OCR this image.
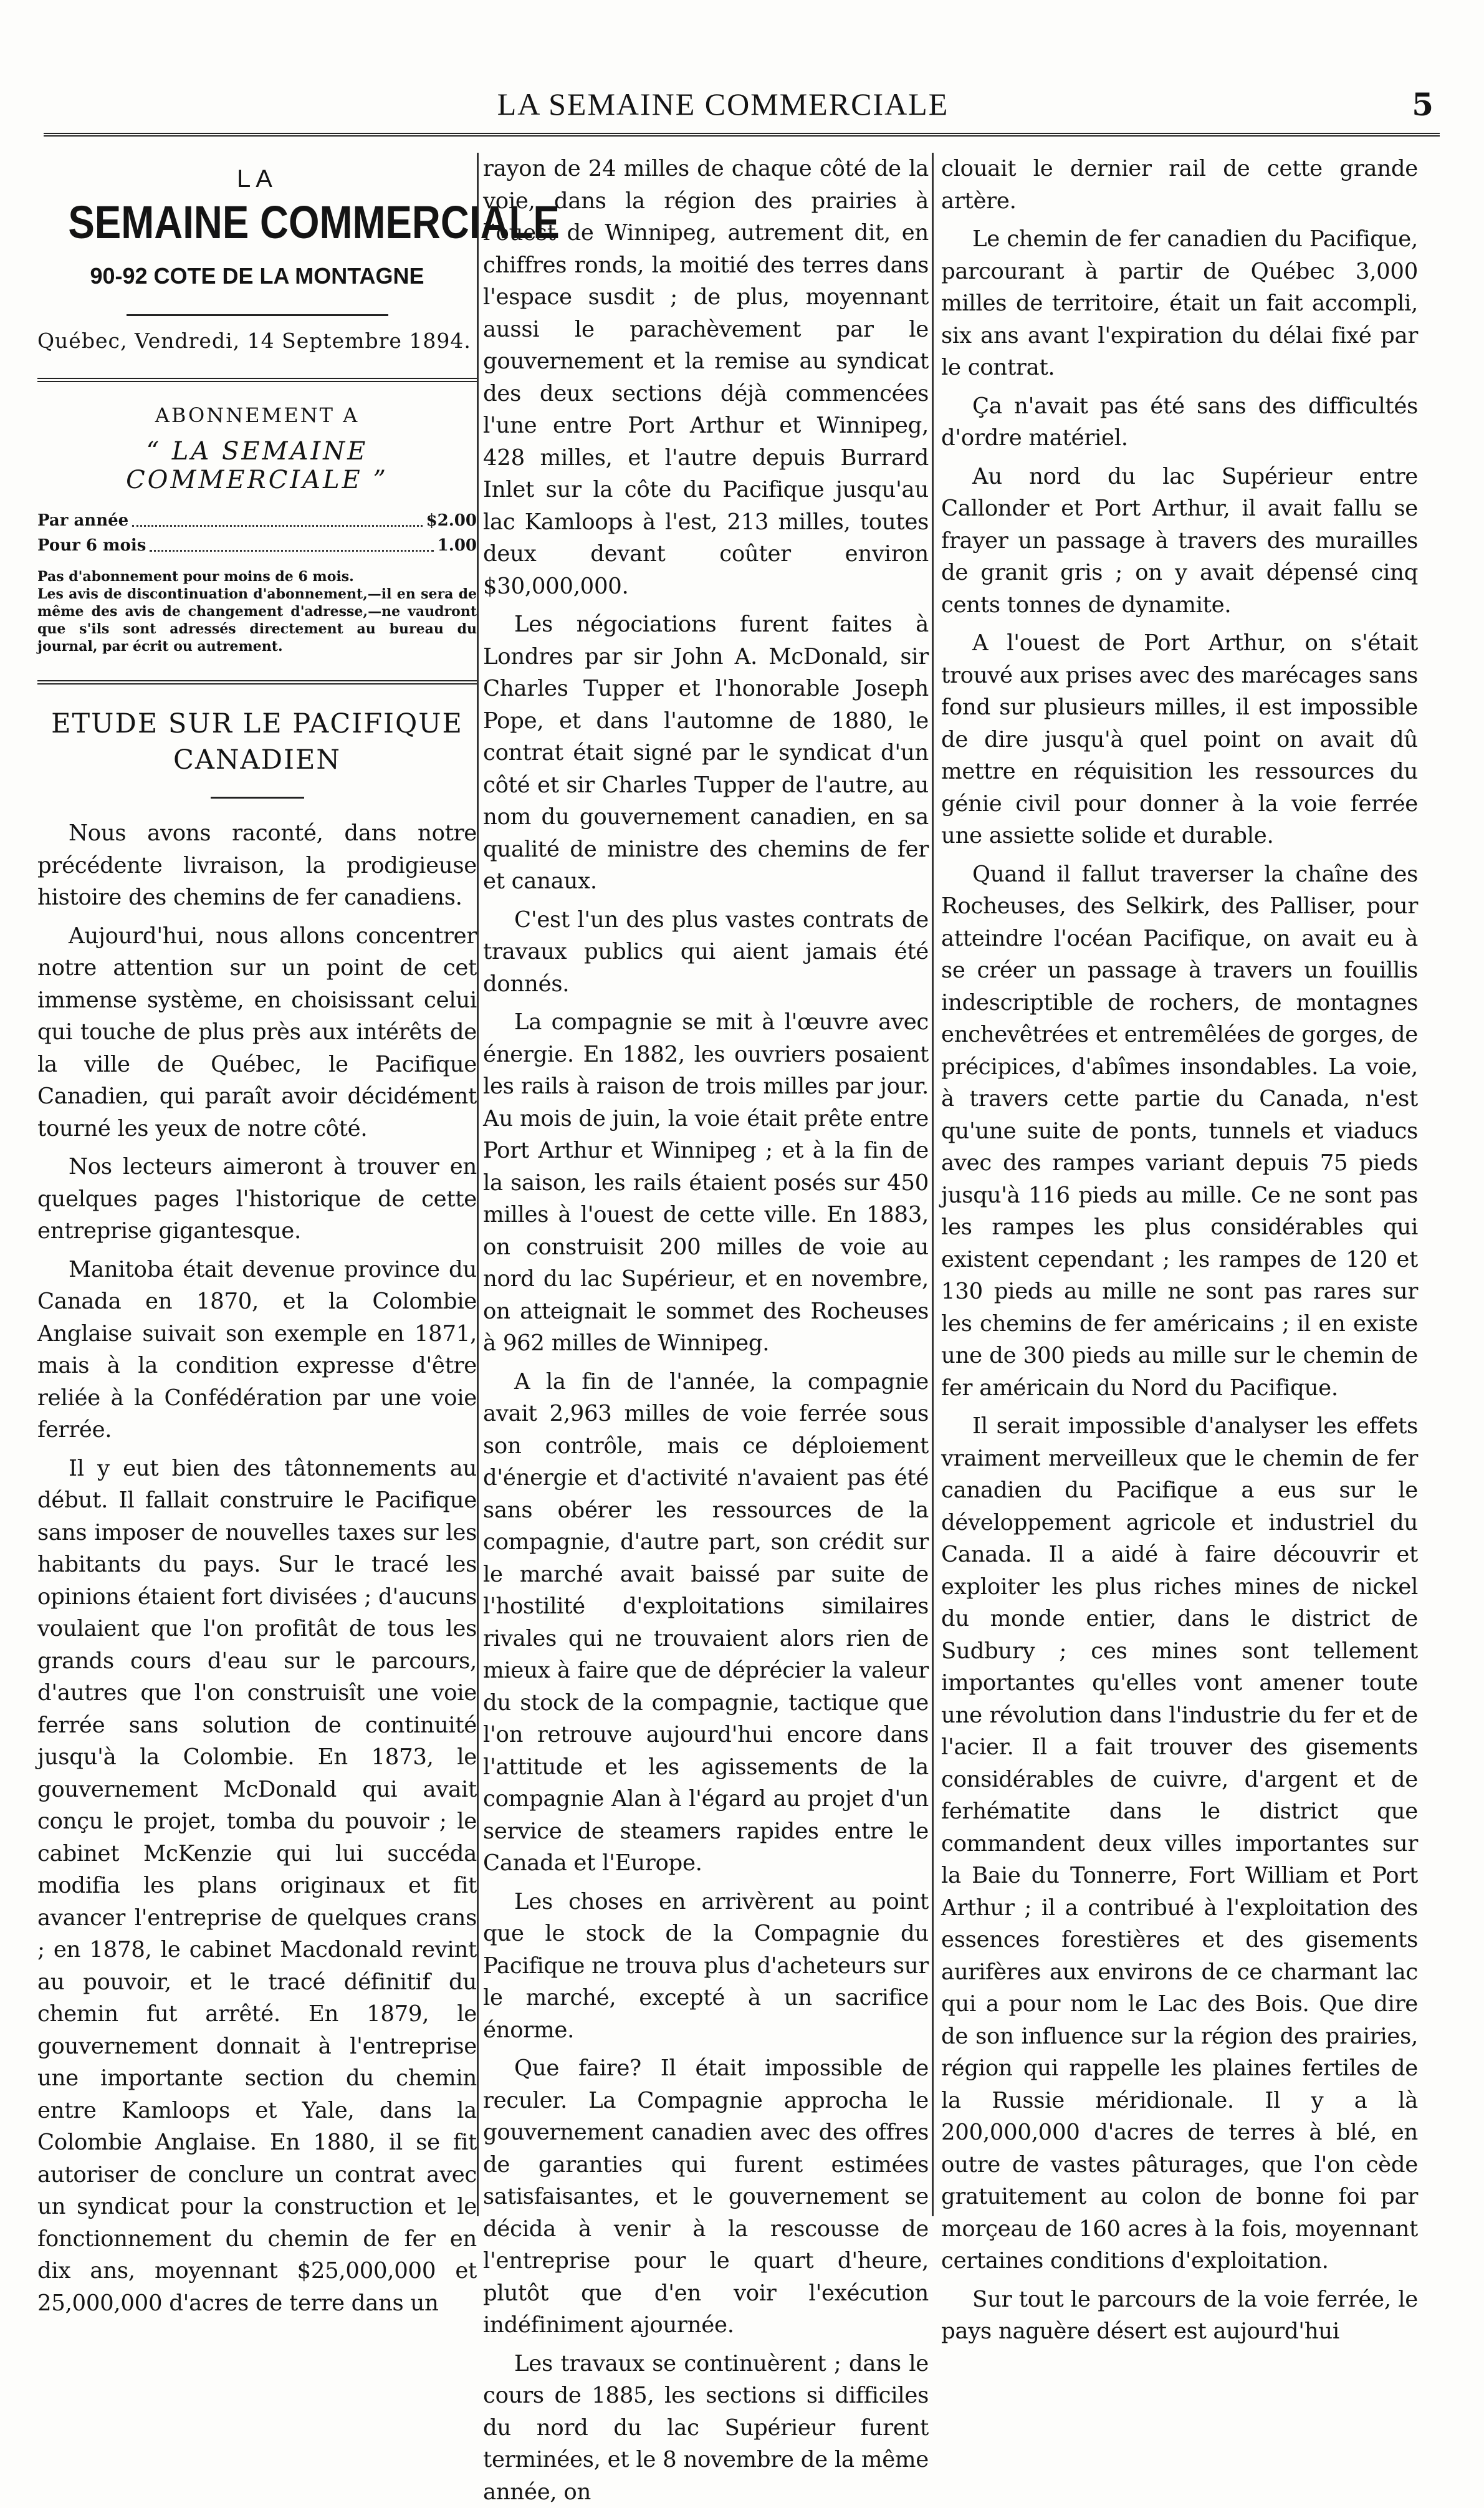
LA SEMAINE COMMERCIALE	5
LA
SEMAINE COMMERCIALE
90-92 COTE DE LA MONTAGNE
Québec, Vendredi, 14 Septembre 1894.
ABONNEMENT A
“ LA SEMAINE COMMERCIALE ”
Par année	$2.00
Pour 6 mois	1.00
Pas d'abonnement pour moins de 6 mois.
Les avis de discontinuation d'abonnement,—il en sera de même des avis de changement d'adresse,—ne vaudront que s'ils sont adressés directement au bureau du journal, par écrit ou autrement.
ETUDE SUR LE PACIFIQUE CANADIEN

Nous avons raconté, dans notre précédente livraison, la prodigieuse histoire des chemins de fer canadiens.

Aujourd'hui, nous allons concentrer notre attention sur un point de cet immense système, en choisissant celui qui touche de plus près aux intérêts de la ville de Québec, le Pacifique Canadien, qui paraît avoir décidément tourné les yeux de notre côté.

Nos lecteurs aimeront à trouver en quelques pages l'historique de cette entreprise gigantesque.

Manitoba était devenue province du Canada en 1870, et la Colombie Anglaise suivait son exemple en 1871, mais à la condition expresse d'être reliée à la Confédération par une voie ferrée.

Il y eut bien des tâtonnements au début. Il fallait construire le Pacifique sans imposer de nouvelles taxes sur les habitants du pays. Sur le tracé les opinions étaient fort divisées ; d'aucuns voulaient que l'on profitât de tous les grands cours d'eau sur le parcours, d'autres que l'on construisît une voie ferrée sans solution de continuité jusqu'à la Colombie. En 1873, le gouvernement McDonald qui avait conçu le projet, tomba du pouvoir ; le cabinet McKenzie qui lui succéda modifia les plans originaux et fit avancer l'entreprise de quelques crans ; en 1878, le cabinet Macdonald revint au pouvoir, et le tracé définitif du chemin fut arrêté. En 1879, le gouvernement donnait à l'entreprise une importante section du chemin entre Kamloops et Yale, dans la Colombie Anglaise. En 1880, il se fit autoriser de conclure un contrat avec un syndicat pour la construction et le fonctionnement du chemin de fer en dix ans, moyennant $25,000,000 et 25,000,000 d'acres de terre dans un

rayon de 24 milles de chaque côté de la voie, dans la région des prairies à l'ouest de Winnipeg, autrement dit, en chiffres ronds, la moitié des terres dans l'espace susdit ; de plus, moyennant aussi le parachèvement par le gouvernement et la remise au syndicat des deux sections déjà commencées l'une entre Port Arthur et Winnipeg, 428 milles, et l'autre depuis Burrard Inlet sur la côte du Pacifique jusqu'au lac Kamloops à l'est, 213 milles, toutes deux devant coûter environ $30,000,000.

Les négociations furent faites à Londres par sir John A. McDonald, sir Charles Tupper et l'honorable Joseph Pope, et dans l'automne de 1880, le contrat était signé par le syndicat d'un côté et sir Charles Tupper de l'autre, au nom du gouvernement canadien, en sa qualité de ministre des chemins de fer et canaux.

C'est l'un des plus vastes contrats de travaux publics qui aient jamais été donnés.

La compagnie se mit à l'œuvre avec énergie. En 1882, les ouvriers posaient les rails à raison de trois milles par jour. Au mois de juin, la voie était prête entre Port Arthur et Winnipeg ; et à la fin de la saison, les rails étaient posés sur 450 milles à l'ouest de cette ville. En 1883, on construisit 200 milles de voie au nord du lac Supérieur, et en novembre, on atteignait le sommet des Rocheuses à 962 milles de Winnipeg.

A la fin de l'année, la compagnie avait 2,963 milles de voie ferrée sous son contrôle, mais ce déploiement d'énergie et d'activité n'avaient pas été sans obérer les ressources de la compagnie, d'autre part, son crédit sur le marché avait baissé par suite de l'hostilité d'exploitations similaires rivales qui ne trouvaient alors rien de mieux à faire que de déprécier la valeur du stock de la compagnie, tactique que l'on retrouve aujourd'hui encore dans l'attitude et les agissements de la compagnie Alan à l'égard au projet d'un service de steamers rapides entre le Canada et l'Europe.

Les choses en arrivèrent au point que le stock de la Compagnie du Pacifique ne trouva plus d'acheteurs sur le marché, excepté à un sacrifice énorme.

Que faire? Il était impossible de reculer. La Compagnie approcha le gouvernement canadien avec des offres de garanties qui furent estimées satisfaisantes, et le gouvernement se décida à venir à la rescousse de l'entreprise pour le quart d'heure, plutôt que d'en voir l'exécution indéfiniment ajournée.

Les travaux se continuèrent ; dans le cours de 1885, les sections si difficiles du nord du lac Supérieur furent terminées, et le 8 novembre de la même année, on

clouait le dernier rail de cette grande artère.

Le chemin de fer canadien du Pacifique, parcourant à partir de Québec 3,000 milles de territoire, était un fait accompli, six ans avant l'expiration du délai fixé par le contrat.

Ça n'avait pas été sans des difficultés d'ordre matériel.

Au nord du lac Supérieur entre Callonder et Port Arthur, il avait fallu se frayer un passage à travers des murailles de granit gris ; on y avait dépensé cinq cents tonnes de dynamite.

A l'ouest de Port Arthur, on s'était trouvé aux prises avec des marécages sans fond sur plusieurs milles, il est impossible de dire jusqu'à quel point on avait dû mettre en réquisition les ressources du génie civil pour donner à la voie ferrée une assiette solide et durable.

Quand il fallut traverser la chaîne des Rocheuses, des Selkirk, des Palliser, pour atteindre l'océan Pacifique, on avait eu à se créer un passage à travers un fouillis indescriptible de rochers, de montagnes enchevêtrées et entremêlées de gorges, de précipices, d'abîmes insondables. La voie, à travers cette partie du Canada, n'est qu'une suite de ponts, tunnels et viaducs avec des rampes variant depuis 75 pieds jusqu'à 116 pieds au mille. Ce ne sont pas les rampes les plus considérables qui existent cependant ; les rampes de 120 et 130 pieds au mille ne sont pas rares sur les chemins de fer américains ; il en existe une de 300 pieds au mille sur le chemin de fer américain du Nord du Pacifique.

Il serait impossible d'analyser les effets vraiment merveilleux que le chemin de fer canadien du Pacifique a eus sur le développement agricole et industriel du Canada. Il a aidé à faire découvrir et exploiter les plus riches mines de nickel du monde entier, dans le district de Sudbury ; ces mines sont tellement importantes qu'elles vont amener toute une révolution dans l'industrie du fer et de l'acier. Il a fait trouver des gisements considérables de cuivre, d'argent et de ferhématite dans le district que commandent deux villes importantes sur la Baie du Tonnerre, Fort William et Port Arthur ; il a contribué à l'exploitation des essences forestières et des gisements aurifères aux environs de ce charmant lac qui a pour nom le Lac des Bois. Que dire de son influence sur la région des prairies, région qui rappelle les plaines fertiles de la Russie méridionale. Il y a là 200,000,000 d'acres de terres à blé, en outre de vastes pâturages, que l'on cède gratuitement au colon de bonne foi par morçeau de 160 acres à la fois, moyennant certaines conditions d'exploitation.

Sur tout le parcours de la voie ferrée, le pays naguère désert est aujourd'hui
